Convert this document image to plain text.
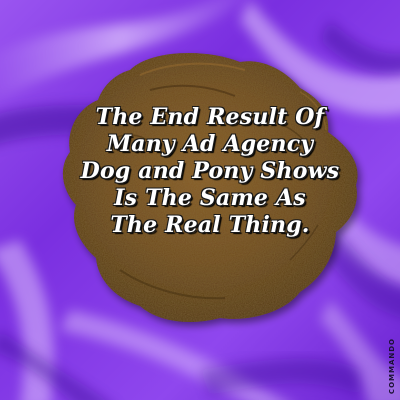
The End Result Of
Many Ad Agency
Dog and Pony Shows
Is The Same As
The Real Thing.
COMMANDO
